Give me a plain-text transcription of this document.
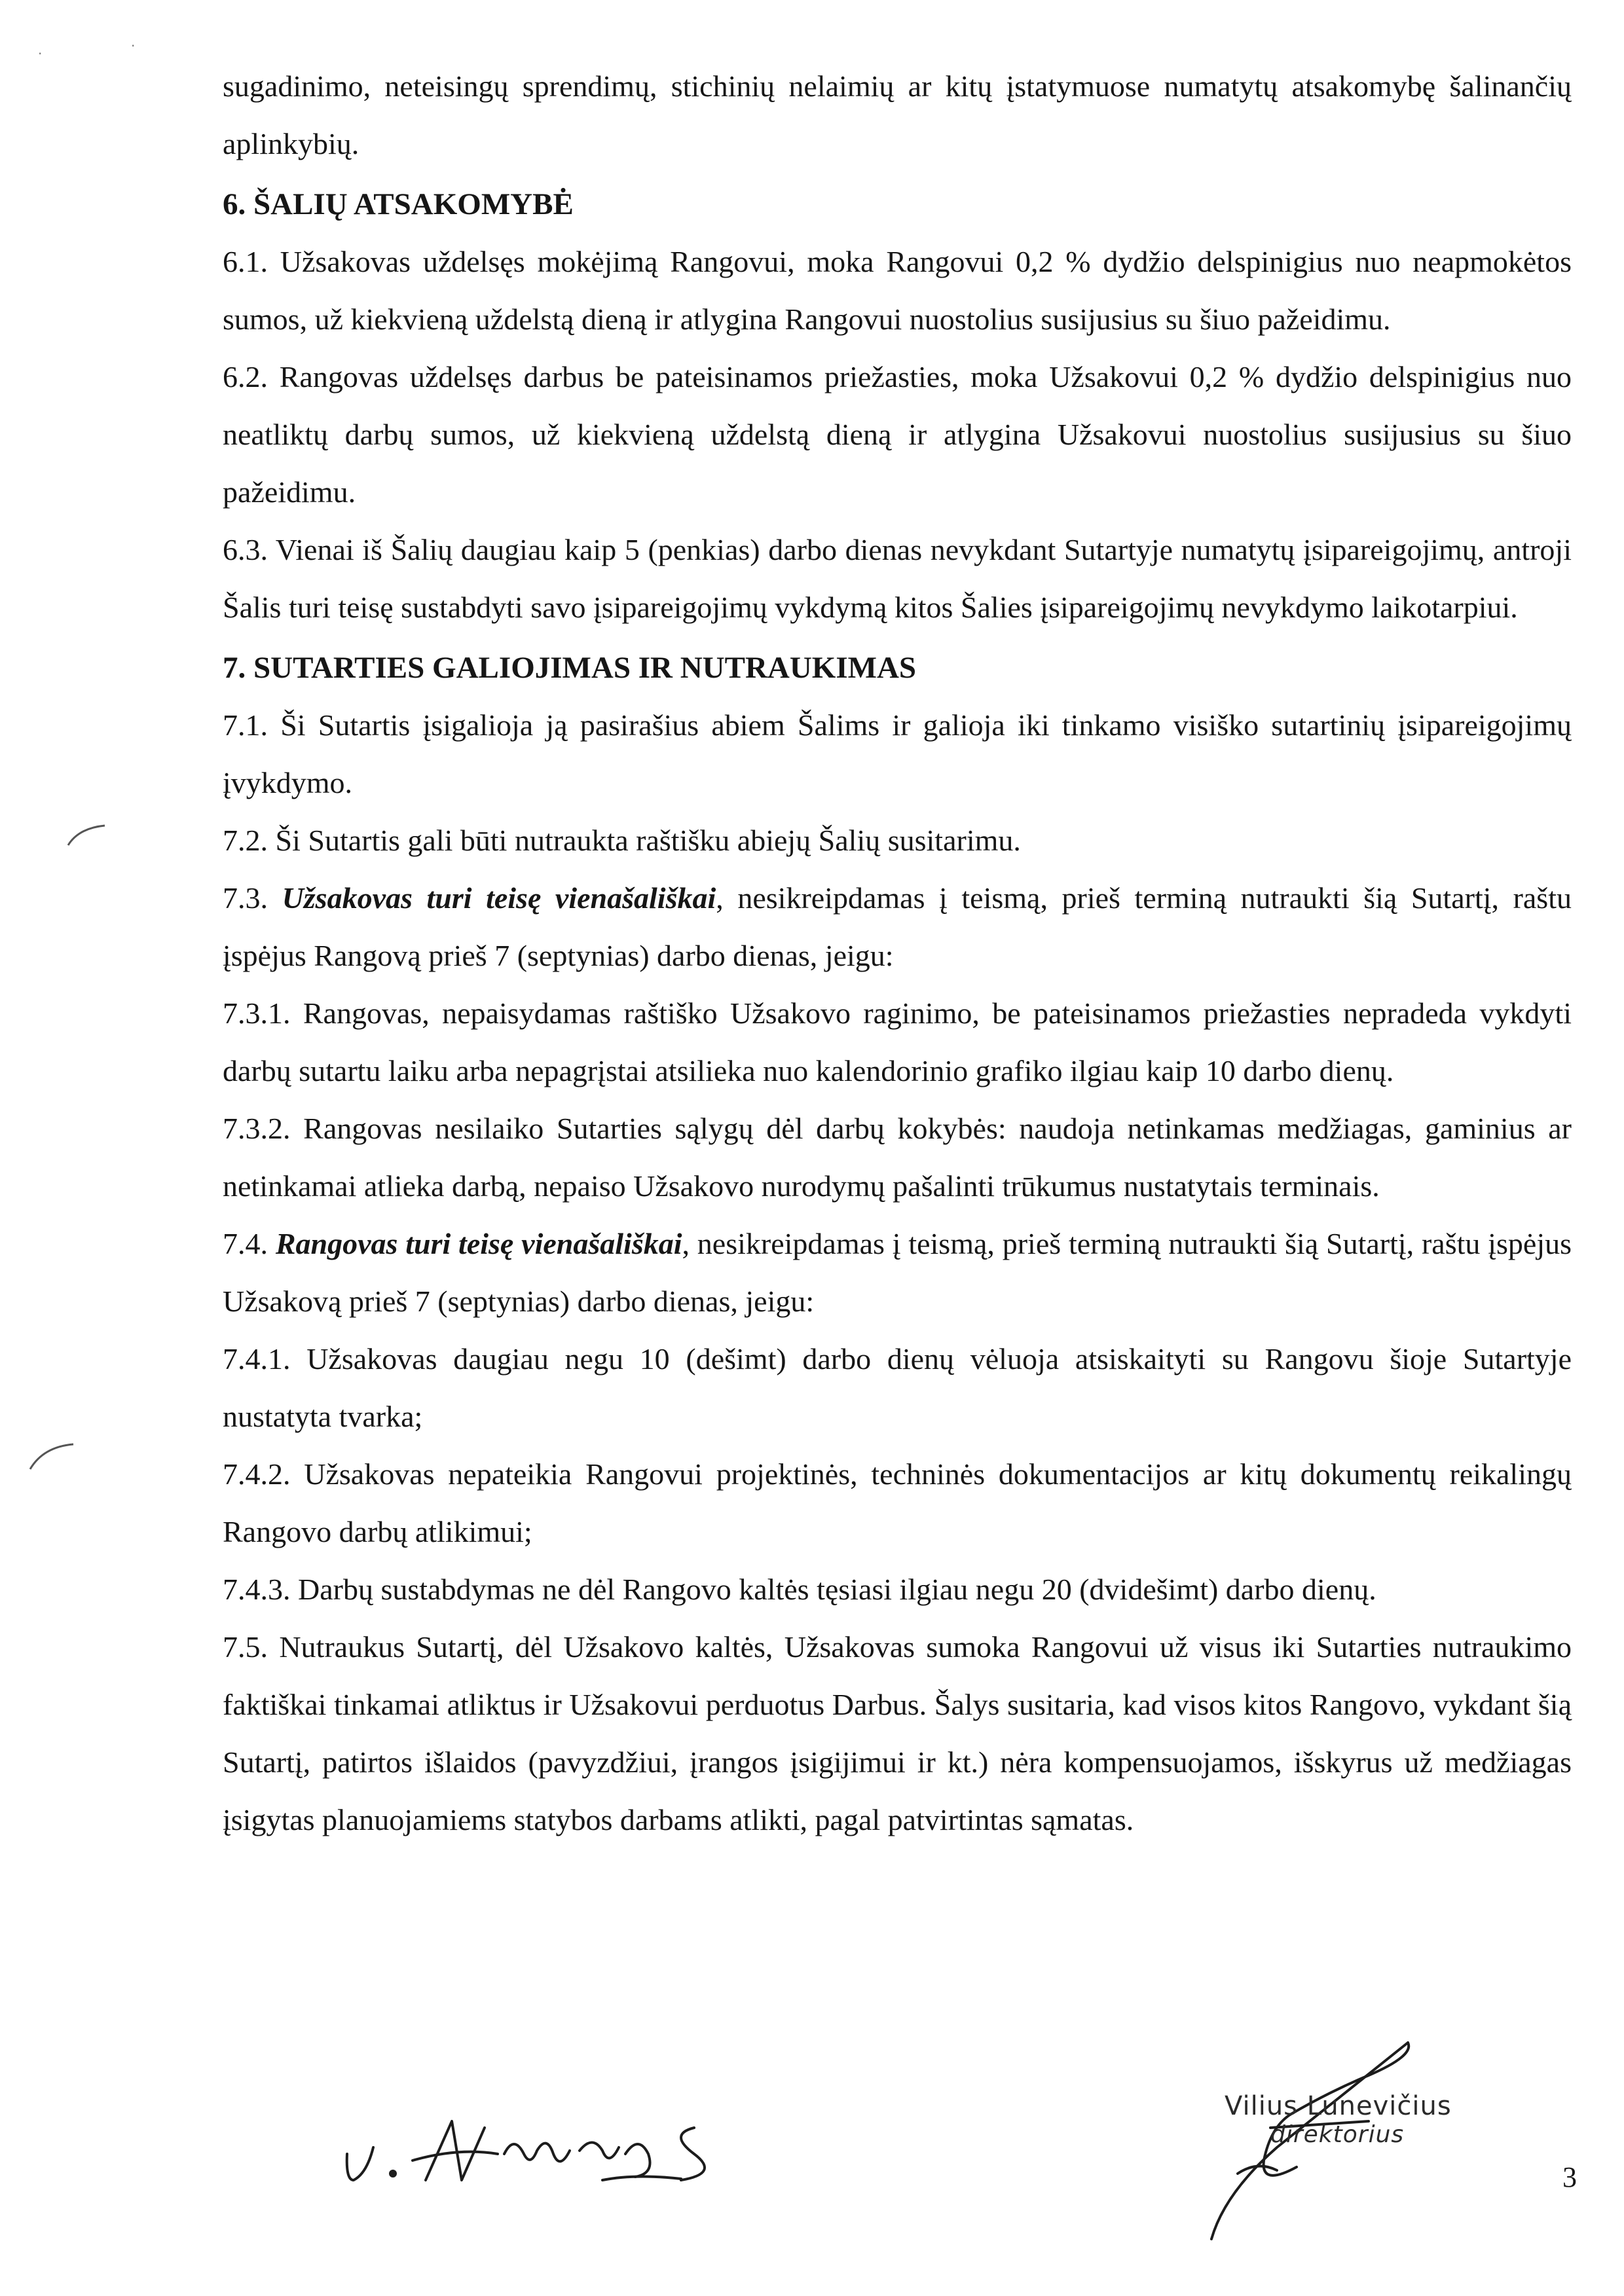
·	·

sugadinimo, neteisingų sprendimų, stichinių nelaimių ar kitų įstatymuose numatytų atsakomybę šalinančių aplinkybių.

6. ŠALIŲ ATSAKOMYBĖ

6.1. Užsakovas uždelsęs mokėjimą Rangovui, moka Rangovui 0,2 % dydžio delspinigius nuo neapmokėtos sumos, už kiekvieną uždelstą dieną ir atlygina Rangovui nuostolius susijusius su šiuo pažeidimu.

6.2. Rangovas uždelsęs darbus be pateisinamos priežasties, moka Užsakovui 0,2 % dydžio delspinigius nuo neatliktų darbų sumos, už kiekvieną uždelstą dieną ir atlygina Užsakovui nuostolius susijusius su šiuo pažeidimu.

6.3. Vienai iš Šalių daugiau kaip 5 (penkias) darbo dienas nevykdant Sutartyje numatytų įsipareigojimų, antroji Šalis turi teisę sustabdyti savo įsipareigojimų vykdymą kitos Šalies įsipareigojimų nevykdymo laikotarpiui.

7. SUTARTIES GALIOJIMAS IR NUTRAUKIMAS

7.1. Ši Sutartis įsigalioja ją pasirašius abiem Šalims ir galioja iki tinkamo visiško sutartinių įsipareigojimų įvykdymo.

7.2. Ši Sutartis gali būti nutraukta raštišku abiejų Šalių susitarimu.

7.3. Užsakovas turi teisę vienašališkai, nesikreipdamas į teismą, prieš terminą nutraukti šią Sutartį, raštu įspėjus Rangovą prieš 7 (septynias) darbo dienas, jeigu:

7.3.1. Rangovas, nepaisydamas raštiško Užsakovo raginimo, be pateisinamos priežasties nepradeda vykdyti darbų sutartu laiku arba nepagrįstai atsilieka nuo kalendorinio grafiko ilgiau kaip 10 darbo dienų.

7.3.2. Rangovas nesilaiko Sutarties sąlygų dėl darbų kokybės: naudoja netinkamas medžiagas, gaminius ar netinkamai atlieka darbą, nepaiso Užsakovo nurodymų pašalinti trūkumus nustatytais terminais.

7.4. Rangovas turi teisę vienašališkai, nesikreipdamas į teismą, prieš terminą nutraukti šią Sutartį, raštu įspėjus Užsakovą prieš 7 (septynias) darbo dienas, jeigu:

7.4.1. Užsakovas daugiau negu 10 (dešimt) darbo dienų vėluoja atsiskaityti su Rangovu šioje Sutartyje nustatyta tvarka;

7.4.2. Užsakovas nepateikia Rangovui projektinės, techninės dokumentacijos ar kitų dokumentų reikalingų Rangovo darbų atlikimui;

7.4.3. Darbų sustabdymas ne dėl Rangovo kaltės tęsiasi ilgiau negu 20 (dvidešimt) darbo dienų.

7.5. Nutraukus Sutartį, dėl Užsakovo kaltės, Užsakovas sumoka Rangovui už visus iki Sutarties nutraukimo faktiškai tinkamai atliktus ir Užsakovui perduotus Darbus. Šalys susitaria, kad visos kitos Rangovo, vykdant šią Sutartį, patirtos išlaidos (pavyzdžiui, įrangos įsigijimui ir kt.) nėra kompensuojamos, išskyrus už medžiagas įsigytas planuojamiems statybos darbams atlikti, pagal patvirtintas sąmatas.

Vilius Lunevičius
direktorius
3
